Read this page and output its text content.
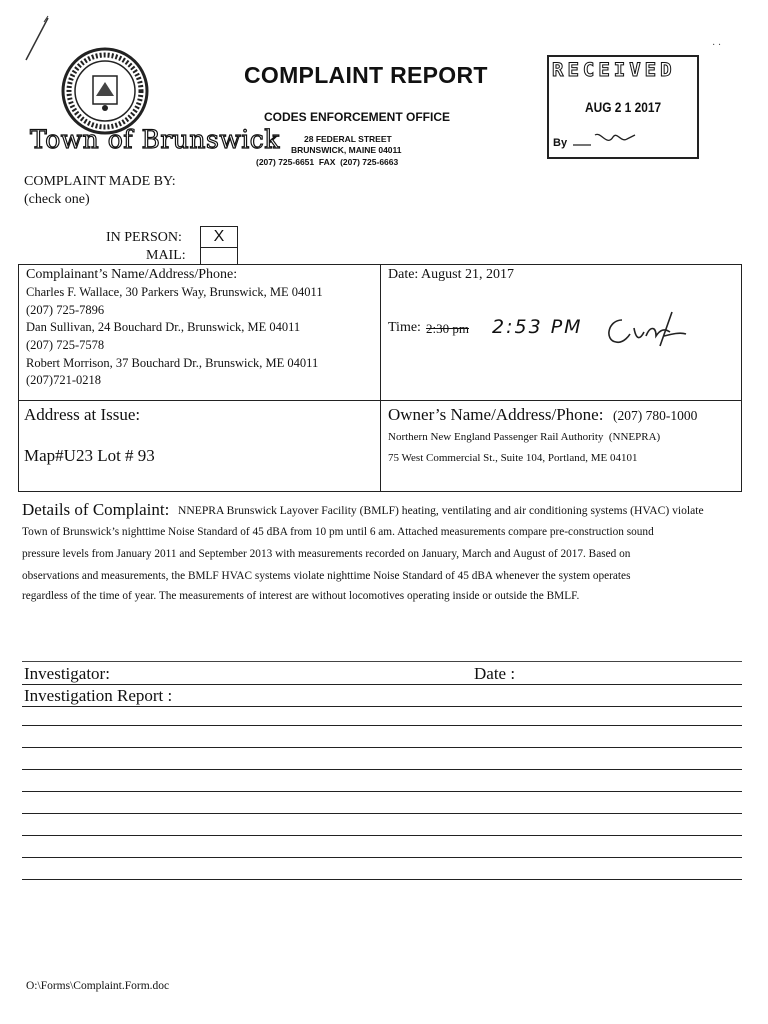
Town of Brunswick
COMPLAINT REPORT
CODES ENFORCEMENT OFFICE
28 FEDERAL STREET
BRUNSWICK, MAINE 04011
(207) 725-6651  FAX  (207) 725-6663
RECEIVED
AUG 2 1 2017
By
· ·
COMPLAINT MADE BY:
(check one)
IN PERSON:
MAIL:
X
Complainant’s Name/Address/Phone:
Charles F. Wallace, 30 Parkers Way, Brunswick, ME 04011
(207) 725-7896
Dan Sullivan, 24 Bouchard Dr., Brunswick, ME 04011
(207) 725-7578
Robert Morrison, 37 Bouchard Dr., Brunswick, ME 04011
(207)721-0218
Date: August 21, 2017
Time: 2:30 pm 2:53 PM
Address at Issue:
Map#U23 Lot # 93
Owner’s Name/Address/Phone: (207) 780-1000
Northern New England Passenger Rail Authority  (NNEPRA)
75 West Commercial St., Suite 104, Portland, ME 04101
Details of Complaint: NNEPRA Brunswick Layover Facility (BMLF) heating, ventilating and air conditioning systems (HVAC) violate
Town of Brunswick’s nighttime Noise Standard of 45 dBA from 10 pm until 6 am. Attached measurements compare pre-construction sound
pressure levels from January 2011 and September 2013 with measurements recorded on January, March and August of 2017. Based on
observations and measurements, the BMLF HVAC systems violate nighttime Noise Standard of 45 dBA whenever the system operates
regardless of the time of year. The measurements of interest are without locomotives operating inside or outside the BMLF.
Investigator:	Date :
Investigation Report :
O:\Forms\Complaint.Form.doc
